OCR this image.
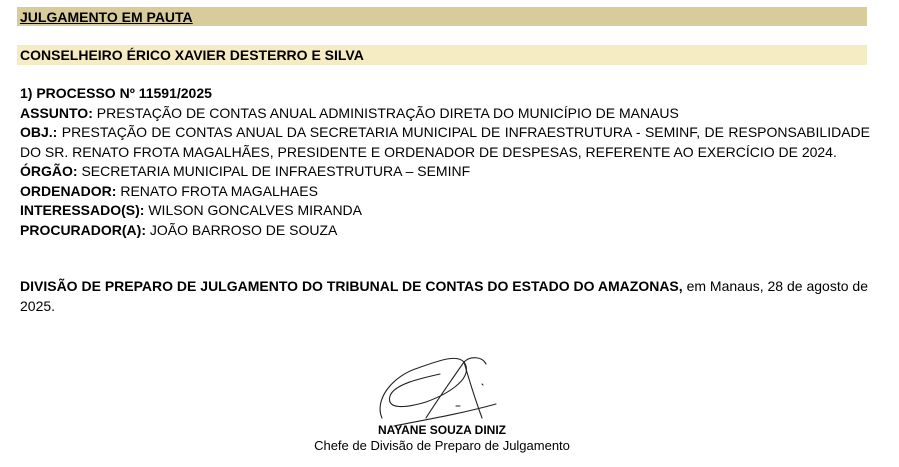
JULGAMENTO EM PAUTA
CONSELHEIRO ÉRICO XAVIER DESTERRO E SILVA

1) PROCESSO Nº 11591/2025

ASSUNTO: PRESTAÇÃO DE CONTAS ANUAL ADMINISTRAÇÃO DIRETA DO MUNICÍPIO DE MANAUS

OBJ.: PRESTAÇÃO DE CONTAS ANUAL DA SECRETARIA MUNICIPAL DE INFRAESTRUTURA - SEMINF, DE RESPONSABILIDADE DO SR. RENATO FROTA MAGALHÃES, PRESIDENTE E ORDENADOR DE DESPESAS, REFERENTE AO EXERCÍCIO DE 2024.

ÓRGÃO: SECRETARIA MUNICIPAL DE INFRAESTRUTURA – SEMINF

ORDENADOR: RENATO FROTA MAGALHAES

INTERESSADO(S): WILSON GONCALVES MIRANDA

PROCURADOR(A): JOÃO BARROSO DE SOUZA

DIVISÃO DE PREPARO DE JULGAMENTO DO TRIBUNAL DE CONTAS DO ESTADO DO AMAZONAS, em Manaus, 28 de agosto de 2025.
NAYANE SOUZA DINIZ
Chefe de Divisão de Preparo de Julgamento
